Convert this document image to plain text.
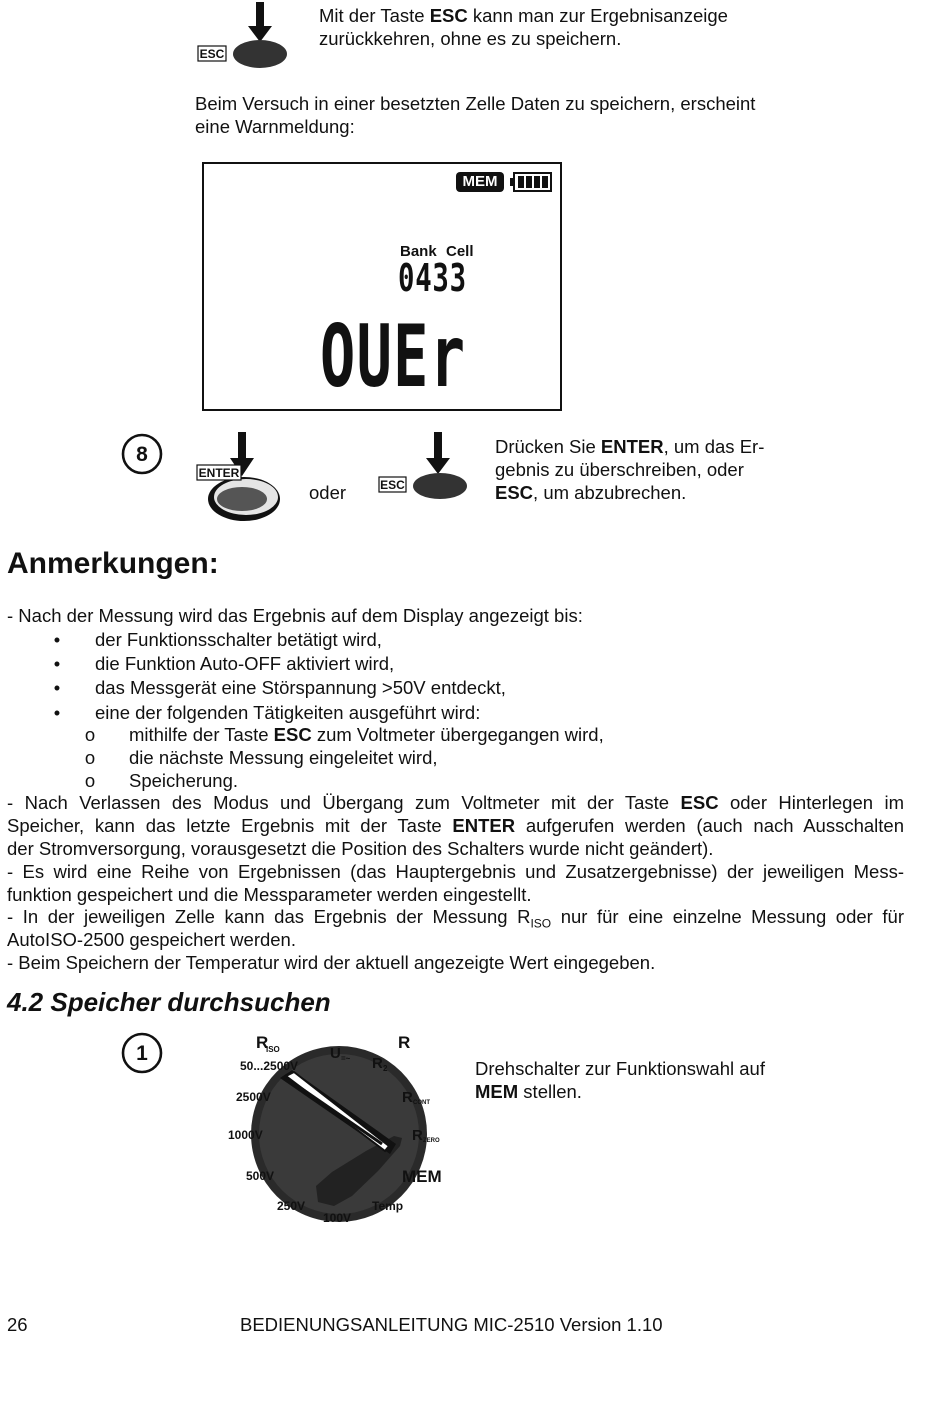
ESC
Mit der Taste ESC kann man zur Ergebnisanzeige
zurückkehren, ohne es zu speichern.
Beim Versuch in einer besetzten Zelle Daten zu speichern, erscheint
eine Warnmeldung:
MEM
Bank Cell
0433
OUEr
8
ENTER
oder	ESC
Drücken Sie ENTER, um das Er-
gebnis zu überschreiben, oder
ESC, um abzubrechen.
Anmerkungen:
- Nach der Messung wird das Ergebnis auf dem Display angezeigt bis:
• der Funktionsschalter betätigt wird,
• die Funktion Auto-OFF aktiviert wird,
• das Messgerät eine Störspannung >50V entdeckt,
• eine der folgenden Tätigkeiten ausgeführt wird:
o mithilfe der Taste ESC zum Voltmeter übergegangen wird,
o die nächste Messung eingeleitet wird,
o Speicherung.
- Nach Verlassen des Modus und Übergang zum Voltmeter mit der Taste ESC oder Hinterlegen im
Speicher, kann das letzte Ergebnis mit der Taste ENTER aufgerufen werden (auch nach Ausschalten
der Stromversorgung, vorausgesetzt die Position des Schalters wurde nicht geändert).
- Es wird eine Reihe von Ergebnissen (das Hauptergebnis und Zusatzergebnisse) der jeweiligen Mess-
funktion gespeichert und die Messparameter werden eingestellt.
- In der jeweiligen Zelle kann das Ergebnis der Messung $R_{ISO}$ nur für eine einzelne Messung oder für
AutoISO-2500 gespeichert werden.
- Beim Speichern der Temperatur wird der aktuell angezeigte Wert eingegeben.
4.2 Speicher durchsuchen
1	R
ISO
50...2500V
U =~
R
R 2
R CONT
R ZERO
MEM
Temp
100V
250V
500V
1000V
2500V
Drehschalter zur Funktionswahl auf
MEM stellen.
26	BEDIENUNGSANLEITUNG MIC-2510 Version 1.10
